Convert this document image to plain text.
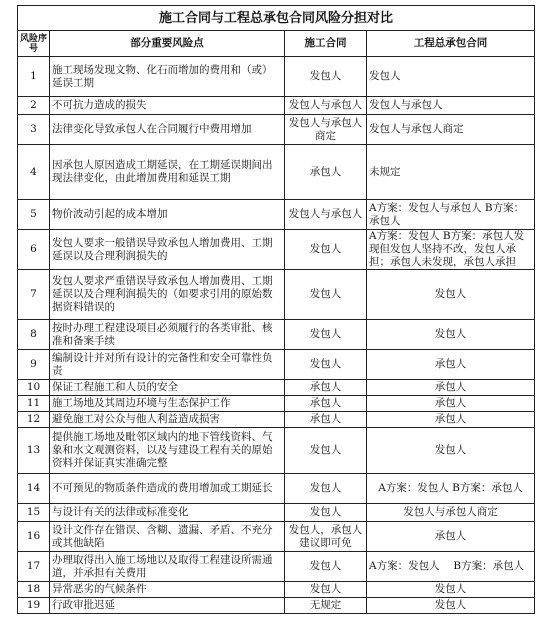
施工合同与工程总承包合同风险分担对比			
风险序号	部分重要风险点	施工合同	工程总承包合同
1	施工现场发现文物、化石而增加的费用和（或）延误工期	发包人	发包人
2	不可抗力造成的损失	发包人与承包人	发包人与承包人
3	法律变化导致承包人在合同履行中费用增加	发包人与承包人商定	发包人与承包人商定
4	因承包人原因造成工期延误，在工期延误期间出现法律变化，由此增加费用和延误工期	承包人	未规定
5	物价波动引起的成本增加	发包人与承包人	A方案：发包人与承包人 B方案：承包人
6	发包人要求一般错误导致承包人增加费用、工期延误以及合理利润损失的	发包人	A方案：发包人 B方案：承包人发现但发包人坚持不改，发包人承担；承包人未发现，承包人承担
7	发包人要求严重错误导致承包人增加费用、工期延误以及合理利润损失的（如要求引用的原始数据资料错误的	发包人	发包人
8	按时办理工程建设项目必须履行的各类审批、核准和备案手续	发包人	发包人
9	编制设计并对所有设计的完备性和安全可靠性负责	发包人	承包人
10	保证工程施工和人员的安全	承包人	承包人
11	施工场地及其周边环境与生态保护工作	承包人	承包人
12	避免施工对公众与他人利益造成损害	承包人	承包人
13	提供施工场地及毗邻区域内的地下管线资料、气象和水文观测资料，以及与建设工程有关的原始资料并保证真实准确完整	发包人	发包人
14	不可预见的物质条件造成的费用增加或工期延长	发包人	A方案：发包人 B方案：承包人
15	与设计有关的法律或标准变化	发包人	发包人与承包人商定
16	设计文件存在错误、含糊、遗漏、矛盾、不充分或其他缺陷	发包人，承包人建议即可免	承包人
17	办理取得出入施工场地以及取得工程建设所需通道，并承担有关费用	发包人	A方案：发包人　 B方案：承包人
18	异常恶劣的气候条件	发包人	发包人
19	行政审批迟延	无规定	发包人
